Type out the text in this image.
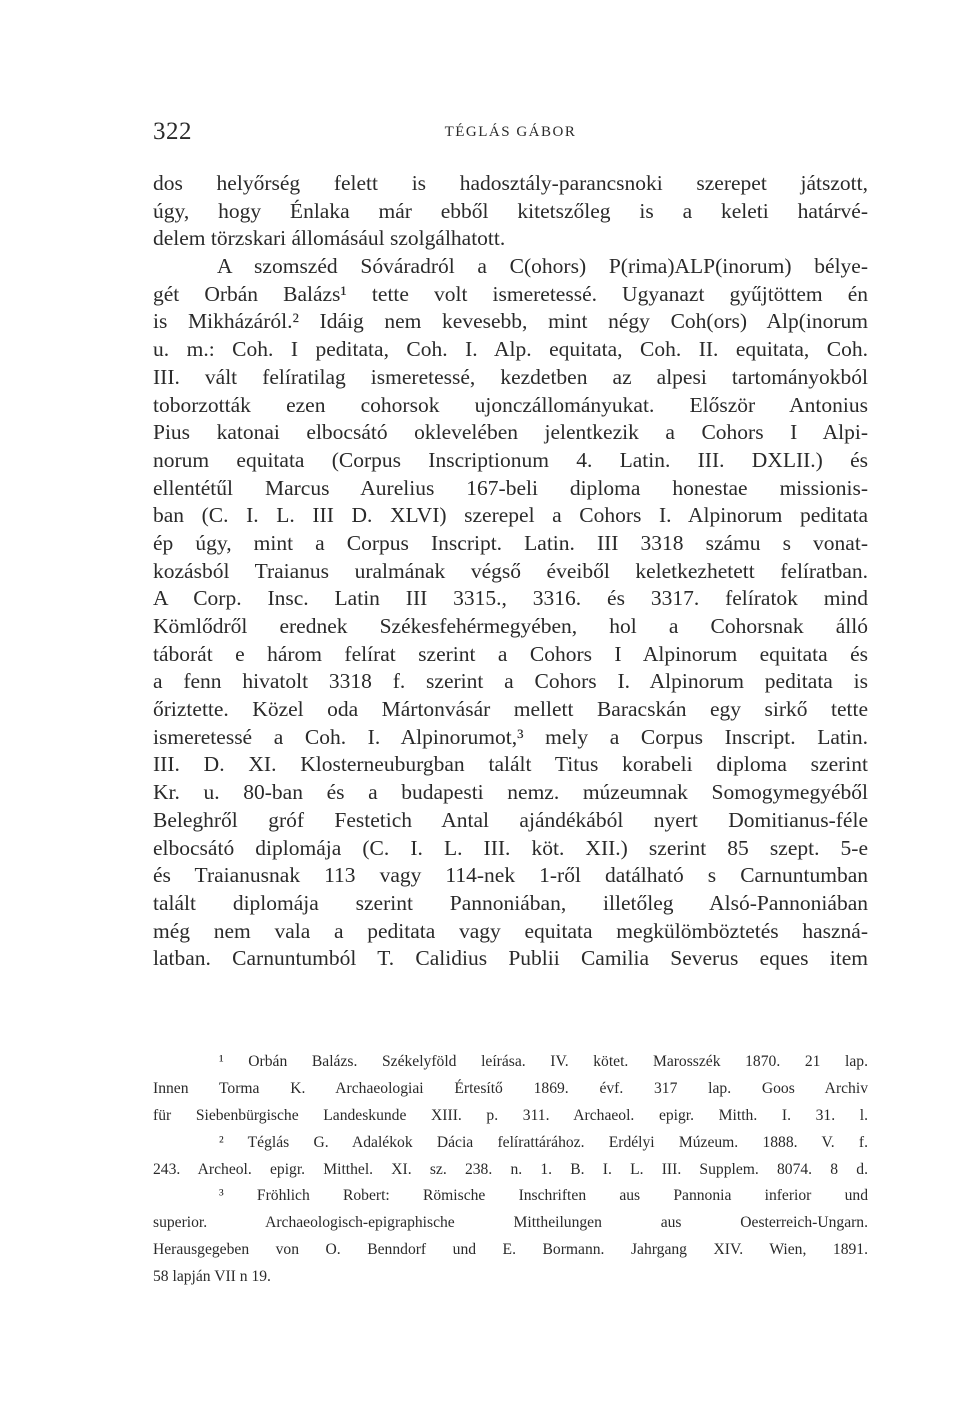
322	TÉGLÁS GÁBOR
dos helyőrség felett is hadosztály-parancsnoki szerepet játszott,
úgy, hogy Énlaka már ebből kitetszőleg is a keleti határvé-
delem törzskari állomásául szolgálhatott.
A szomszéd Sóváradról a C(ohors) P(rima)ALP(inorum) bélye-
gét Orbán Balázs¹ tette volt ismeretessé. Ugyanazt gyűjtöttem én
is Mikházáról.² Idáig nem kevesebb, mint négy Coh(ors) Alp(inorum
u. m.: Coh. I peditata, Coh. I. Alp. equitata, Coh. II. equitata, Coh.
III. vált felíratilag ismeretessé, kezdetben az alpesi tartományokból
toborzották ezen cohorsok ujonczállományukat. Először Antonius
Pius katonai elbocsátó oklevelében jelentkezik a Cohors I Alpi-
norum equitata (Corpus Inscriptionum 4. Latin. III. DXLII.) és
ellentétűl Marcus Aurelius 167-beli diploma honestae missionis-
ban (C. I. L. III D. XLVI) szerepel a Cohors I. Alpinorum peditata
ép úgy, mint a Corpus Inscript. Latin. III 3318 számu s vonat-
kozásból Traianus uralmának végső éveiből keletkezhetett felíratban.
A Corp. Insc. Latin III 3315., 3316. és 3317. felíratok mind
Kömlődről erednek Székesfehérmegyében, hol a Cohorsnak álló
táborát e három felírat szerint a Cohors I Alpinorum equitata és
a fenn hivatolt 3318 f. szerint a Cohors I. Alpinorum peditata is
őriztette. Közel oda Mártonvásár mellett Baracskán egy sirkő tette
ismeretessé a Coh. I. Alpinorumot,³ mely a Corpus Inscript. Latin.
III. D. XI. Klosterneuburgban talált Titus korabeli diploma szerint
Kr. u. 80-ban és a budapesti nemz. múzeumnak Somogymegyéből
Beleghről gróf Festetich Antal ajándékából nyert Domitianus-féle
elbocsátó diplomája (C. I. L. III. köt. XII.) szerint 85 szept. 5-e
és Traianusnak 113 vagy 114-nek 1-ről datálható s Carnuntumban
talált diplomája szerint Pannoniában, illetőleg Alsó-Pannoniában
még nem vala a peditata vagy equitata megkülömböztetés haszná-
latban. Carnuntumból T. Calidius Publii Camilia Severus eques item
¹ Orbán Balázs. Székelyföld leírása. IV. kötet. Marosszék 1870. 21 lap.
Innen Torma K. Archaeologiai Értesítő 1869. évf. 317 lap. Goos Archiv
für Siebenbürgische Landeskunde XIII. p. 311. Archaeol. epigr. Mitth. I. 31. l.
² Téglás G. Adalékok Dácia felírattárához. Erdélyi Múzeum. 1888. V. f.
243. Archeol. epigr. Mitthel. XI. sz. 238. n. 1. B. I. L. III. Supplem. 8074. 8 d.
³ Fröhlich Robert: Römische Inschriften aus Pannonia inferior und
superior. Archaeologisch-epigraphische Mittheilungen aus Oesterreich-Ungarn.
Herausgegeben von O. Benndorf und E. Bormann. Jahrgang XIV. Wien, 1891.
58 lapján VII n 19.
